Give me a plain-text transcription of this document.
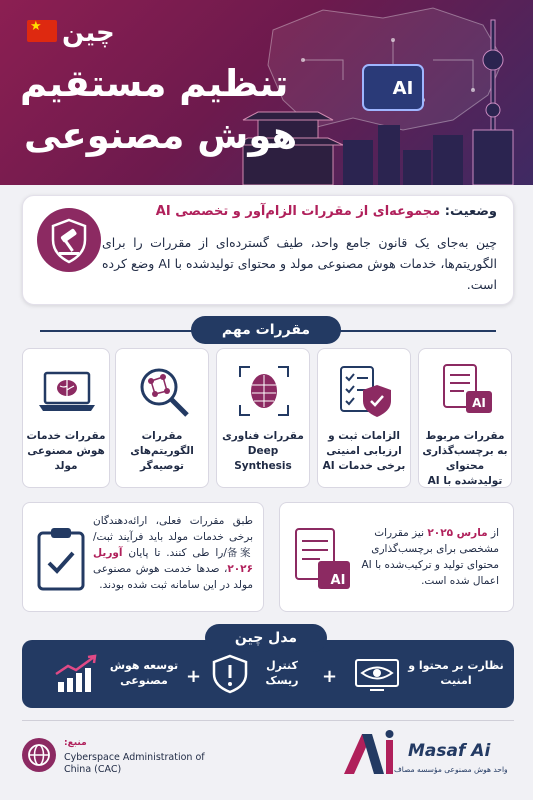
AI
★ چین
تنظیم مستقیم
هوش مصنوعی
وضعیت: مجموعه‌ای از مقررات الزام‌آور و تخصصی AI
چین به‌جای یک قانون جامع واحد، طیف گسترده‌ای از مقررات را برای الگوریتم‌ها، خدمات هوش مصنوعی مولد و محتوای تولیدشده با AI وضع کرده است.
مقررات مهم
AI
مقررات مربوط به برچسب‌گذاری محتوای تولیدشده با AI
الزامات ثبت و ارزیابی امنیتی برخی خدمات AI
مقررات فناوری Deep Synthesis
مقررات الگوریتم‌های توصیه‌گر
مقررات خدمات هوش مصنوعی مولد
AI
از مارس ۲۰۲۵ نیز مقررات مشخصی برای برچسب‌گذاری محتوای تولید و ترکیب‌شده با AI اعمال شده است.
طبق مقررات فعلی، ارائه‌دهندگان برخی خدمات مولد باید فرآیند ثبت/备案/را طی کنند. تا پایان آوریل ۲۰۲۶، صدها خدمت هوش مصنوعی مولد در این سامانه ثبت شده بودند.
مدل چین
نظارت بر محتوا و امنیت
+
کنترل ریسک
+
توسعه هوش مصنوعی
منبع:
Cyberspace Administration of China (CAC)
Masaf Ai
واحد هوش مصنوعی مؤسسه مصاف
